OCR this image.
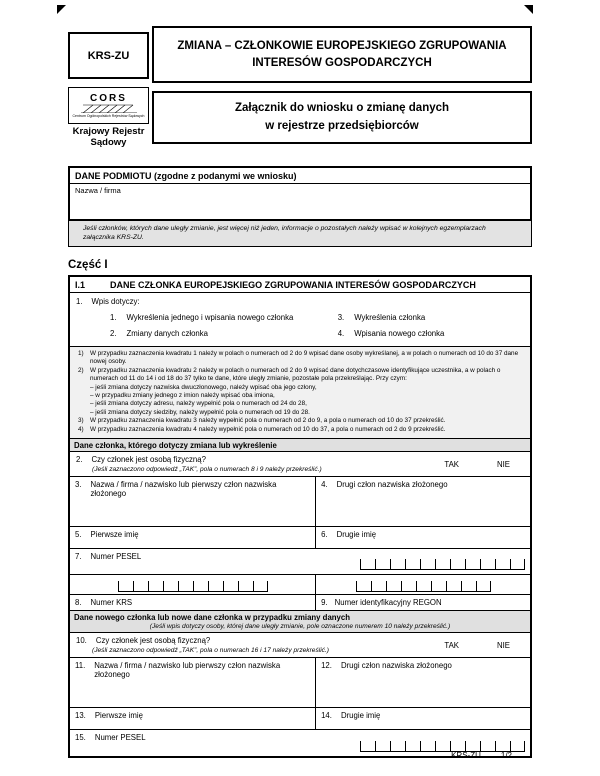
KRS-ZU
CORS
Centrum Ogólnopolskich Rejestrów Sądowych
Krajowy Rejestr
Sądowy
ZMIANA – CZŁONKOWIE EUROPEJSKIEGO ZGRUPOWANIA INTERESÓW GOSPODARCZYCH
Załącznik do wniosku o zmianę danych
w rejestrze przedsiębiorców
DANE PODMIOTU (zgodne z podanymi we wniosku)
Nazwa / firma
Jeśli członków, których dane uległy zmianie, jest więcej niż jeden, informacje o pozostałych należy wpisać w kolejnych egzemplarzach załącznika KRS-ZU.
Część I
I.1	DANE CZŁONKA EUROPEJSKIEGO ZGRUPOWANIA INTERESÓW GOSPODARCZYCH
1. Wpis dotyczy:
1. Wykreślenia jednego i wpisania nowego członka	3. Wykreślenia członka
2. Zmiany danych członka	4. Wpisania nowego członka
1)	W przypadku zaznaczenia kwadratu 1 należy w polach o numerach od 2 do 9 wpisać dane osoby wykreślanej, a w polach o numerach od 10 do 37 dane nowej osoby.
2)	W przypadku zaznaczenia kwadratu 2 należy w polach o numerach od 2 do 9 wpisać dane dotychczasowe identyfikujące uczestnika, a w polach o numerach od 11 do 14 i od 18 do 37 tylko te dane, które uległy zmianie, pozostałe pola przekreślając. Przy czym:
– jeśli zmiana dotyczy nazwiska dwuczłonowego, należy wpisać oba jego człony,
– w przypadku zmiany jednego z imion należy wpisać oba imiona,
– jeśli zmiana dotyczy adresu, należy wypełnić pola o numerach od 24 do 28,
– jeśli zmiana dotyczy siedziby, należy wypełnić pola o numerach od 19 do 28.
3)	W przypadku zaznaczenia kwadratu 3 należy wypełnić pola o numerach od 2 do 9, a pola o numerach od 10 do 37 przekreślić.
4)	W przypadku zaznaczenia kwadratu 4 należy wypełnić pola o numerach od 10 do 37, a pola o numerach od 2 do 9 przekreślić.
Dane członka, którego dotyczy zmiana lub wykreślenie
2. Czy członek jest osobą fizyczną?
(Jeśli zaznaczono odpowiedź „TAK”, pola o numerach 8 i 9 należy przekreślić.)
TAK	NIE
3. Nazwa / firma / nazwisko lub pierwszy człon nazwiska złożonego
4. Drugi człon nazwiska złożonego
5. Pierwsze imię	6. Drugie imię
7. Numer PESEL
8. Numer KRS	9. Numer identyfikacyjny REGON
Dane nowego członka lub nowe dane członka w przypadku zmiany danych
(Jeśli wpis dotyczy osoby, której dane uległy zmianie, pole oznaczone numerem 10 należy przekreślić.)
10. Czy członek jest osobą fizyczną?
(Jeśli zaznaczono odpowiedź „TAK”, pola o numerach 16 i 17 należy przekreślić.)
TAK	NIE
11. Nazwa / firma / nazwisko lub pierwszy człon nazwiska złożonego
12. Drugi człon nazwiska złożonego
13. Pierwsze imię	14. Drugie imię
15. Numer PESEL
KRS-ZU	1/2
